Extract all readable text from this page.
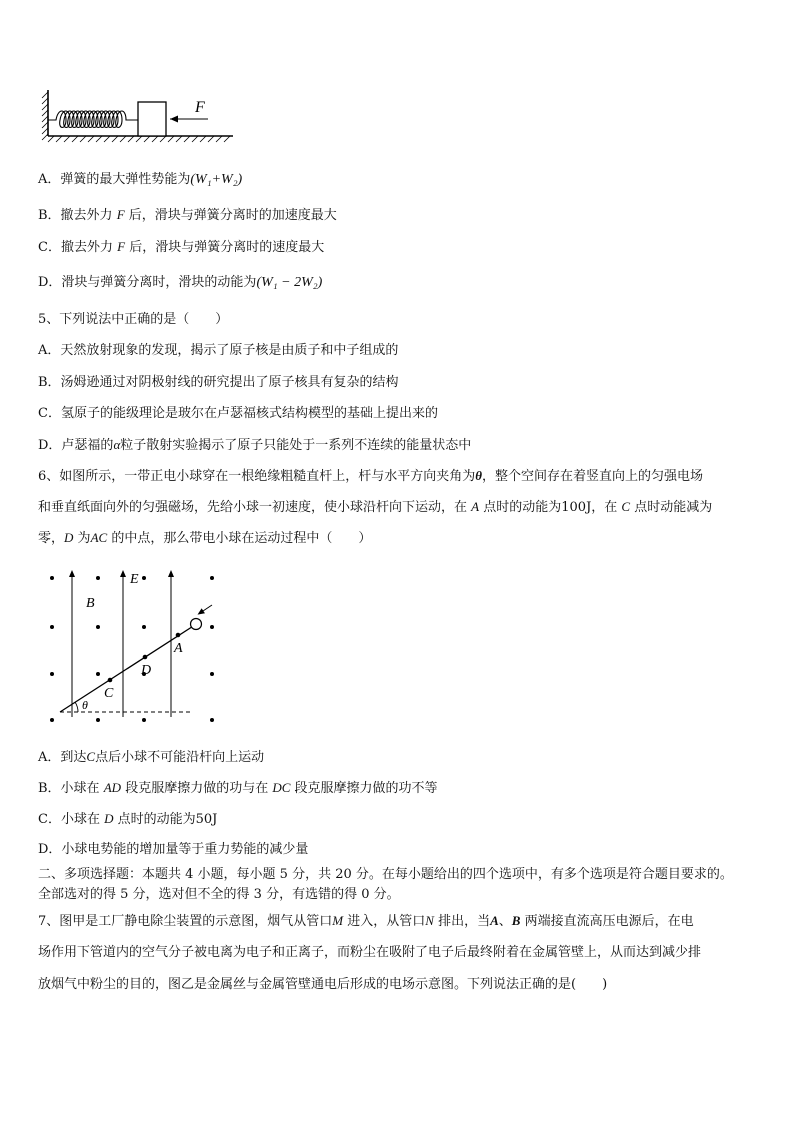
F
A．弹簧的最大弹性势能为(W₁+W₂)
B．撤去外力 F 后，滑块与弹簧分离时的加速度最大
C．撤去外力 F 后，滑块与弹簧分离时的速度最大
D．滑块与弹簧分离时，滑块的动能为(W₁ − 2W₂)
5、下列说法中正确的是（　　）
A．天然放射现象的发现，揭示了原子核是由质子和中子组成的
B．汤姆逊通过对阴极射线的研究提出了原子核具有复杂的结构
C．氢原子的能级理论是玻尔在卢瑟福核式结构模型的基础上提出来的
D．卢瑟福的α粒子散射实验揭示了原子只能处于一系列不连续的能量状态中
6、如图所示，一带正电小球穿在一根绝缘粗糙直杆上，杆与水平方向夹角为θ，整个空间存在着竖直向上的匀强电场
和垂直纸面向外的匀强磁场，先给小球一初速度，使小球沿杆向下运动，在 A 点时的动能为100J，在 C 点时动能减为
零，D 为AC 的中点，那么带电小球在运动过程中（　　）
E
B
A
D
C
θ
A．到达C点后小球不可能沿杆向上运动
B．小球在 AD 段克服摩擦力做的功与在 DC 段克服摩擦力做的功不等
C．小球在 D 点时的动能为50J
D．小球电势能的增加量等于重力势能的减少量
二、多项选择题：本题共 4 小题，每小题 5 分，共 20 分。在每小题给出的四个选项中，有多个选项是符合题目要求的。
全部选对的得 5 分，选对但不全的得 3 分，有选错的得 0 分。
7、图甲是工厂静电除尘装置的示意图，烟气从管口M 进入，从管口N 排出，当A、B 两端接直流高压电源后，在电
场作用下管道内的空气分子被电离为电子和正离子，而粉尘在吸附了电子后最终附着在金属管壁上，从而达到减少排
放烟气中粉尘的目的，图乙是金属丝与金属管壁通电后形成的电场示意图。下列说法正确的是(　　)
